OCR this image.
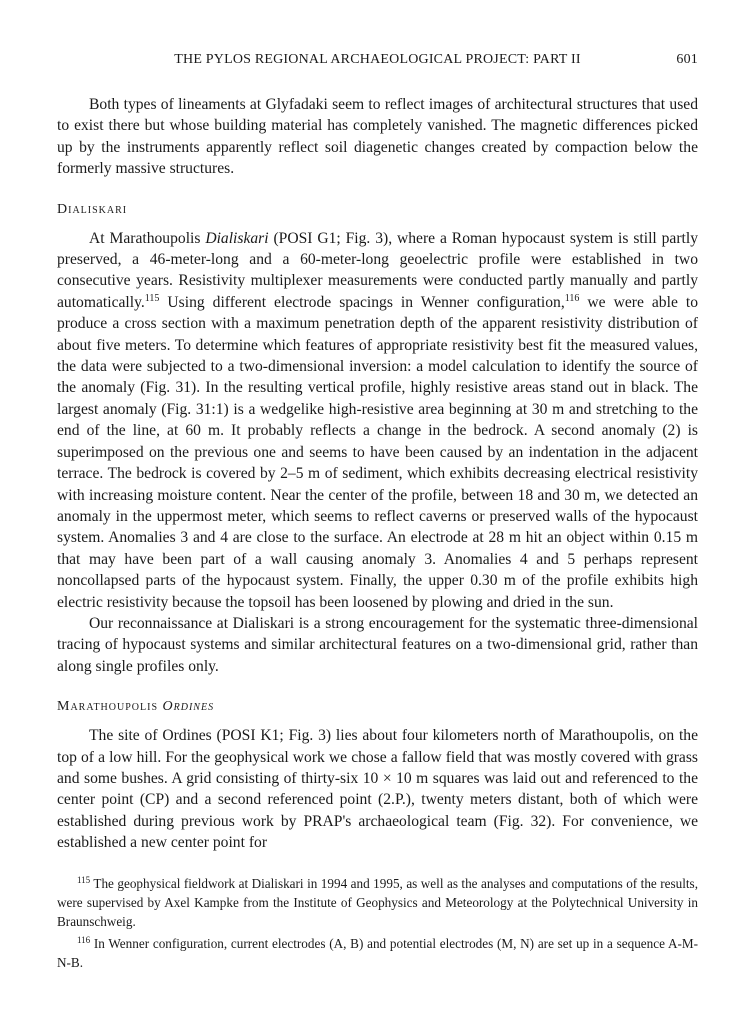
THE PYLOS REGIONAL ARCHAEOLOGICAL PROJECT: PART II	601

Both types of lineaments at Glyfadaki seem to reflect images of architectural structures that used to exist there but whose building material has completely vanished. The magnetic differences picked up by the instruments apparently reflect soil diagenetic changes created by compaction below the formerly massive structures.

Dialiskari

At Marathoupolis Dialiskari (POSI G1; Fig. 3), where a Roman hypocaust system is still partly preserved, a 46-meter-long and a 60-meter-long geoelectric profile were established in two consecutive years. Resistivity multiplexer measurements were conducted partly manually and partly automatically.$^{115}$ Using different electrode spacings in Wenner configuration,$^{116}$ we were able to produce a cross section with a maximum penetration depth of the apparent resistivity distribution of about five meters. To determine which features of appropriate resistivity best fit the measured values, the data were subjected to a two-dimensional inversion: a model calculation to identify the source of the anomaly (Fig. 31). In the resulting vertical profile, highly resistive areas stand out in black. The largest anomaly (Fig. 31:1) is a wedgelike high-resistive area beginning at 30 m and stretching to the end of the line, at 60 m. It probably reflects a change in the bedrock. A second anomaly (2) is superimposed on the previous one and seems to have been caused by an indentation in the adjacent terrace. The bedrock is covered by 2–5 m of sediment, which exhibits decreasing electrical resistivity with increasing moisture content. Near the center of the profile, between 18 and 30 m, we detected an anomaly in the uppermost meter, which seems to reflect caverns or preserved walls of the hypocaust system. Anomalies 3 and 4 are close to the surface. An electrode at 28 m hit an object within 0.15 m that may have been part of a wall causing anomaly 3. Anomalies 4 and 5 perhaps represent noncollapsed parts of the hypocaust system. Finally, the upper 0.30 m of the profile exhibits high electric resistivity because the topsoil has been loosened by plowing and dried in the sun.

Our reconnaissance at Dialiskari is a strong encouragement for the systematic three-dimensional tracing of hypocaust systems and similar architectural features on a two-dimensional grid, rather than along single profiles only.

Marathoupolis Ordines

The site of Ordines (POSI K1; Fig. 3) lies about four kilometers north of Marathoupolis, on the top of a low hill. For the geophysical work we chose a fallow field that was mostly covered with grass and some bushes. A grid consisting of thirty-six 10 × 10 m squares was laid out and referenced to the center point (CP) and a second referenced point (2.P.), twenty meters distant, both of which were established during previous work by PRAP's archaeological team (Fig. 32). For convenience, we established a new center point for

$^{115}$ The geophysical fieldwork at Dialiskari in 1994 and 1995, as well as the analyses and computations of the results, were supervised by Axel Kampke from the Institute of Geophysics and Meteorology at the Polytechnical University in Braunschweig.

$^{116}$ In Wenner configuration, current electrodes (A, B) and potential electrodes (M, N) are set up in a sequence A-M-N-B.
